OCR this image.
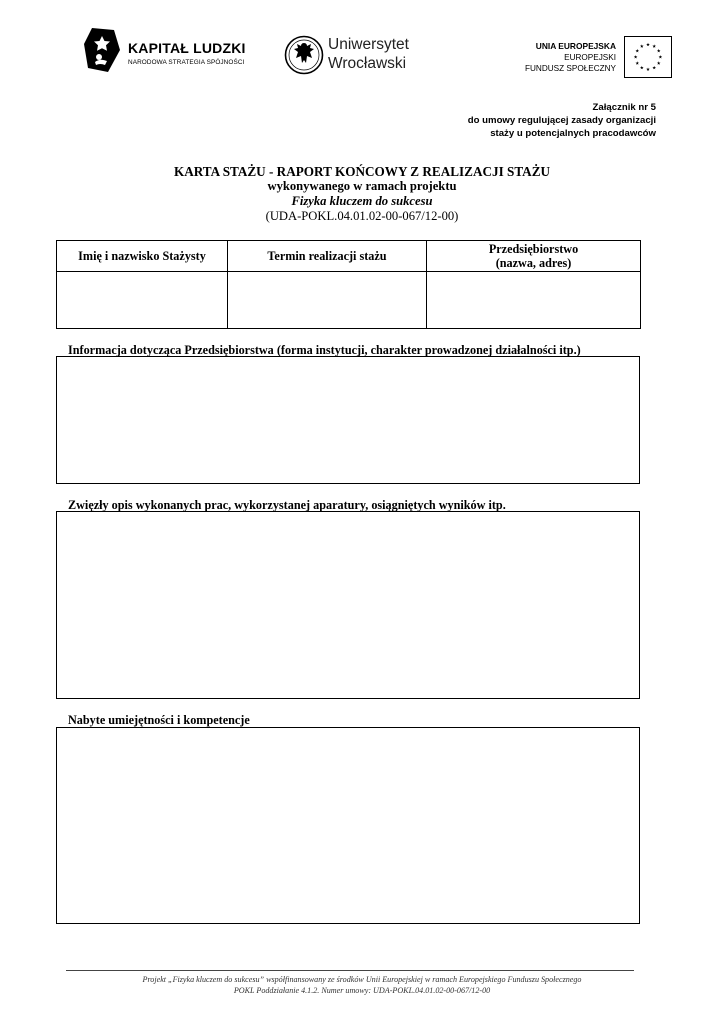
KAPITAŁ LUDZKI
NARODOWA STRATEGIA SPÓJNOŚCI
Uniwersytet
Wrocławski
UNIA EUROPEJSKA
EUROPEJSKI
FUNDUSZ SPOŁECZNY
Załącznik nr 5
do umowy regulującej zasady organizacji
staży u potencjalnych pracodawców
KARTA STAŻU - RAPORT KOŃCOWY Z REALIZACJI STAŻU
wykonywanego w ramach projektu
Fizyka kluczem do sukcesu
(UDA-POKL.04.01.02-00-067/12-00)
Imię i nazwisko Stażysty	Termin realizacji stażu	Przedsiębiorstwo
(nazwa, adres)

Informacja dotycząca Przedsiębiorstwa (forma instytucji, charakter prowadzonej działalności itp.)
Zwięzły opis wykonanych prac, wykorzystanej aparatury, osiągniętych wyników itp.
Nabyte umiejętności i kompetencje
Projekt „Fizyka kluczem do sukcesu” współfinansowany ze środków Unii Europejskiej w ramach Europejskiego Funduszu Społecznego
POKL Poddziałanie 4.1.2. Numer umowy: UDA-POKL.04.01.02-00-067/12-00
